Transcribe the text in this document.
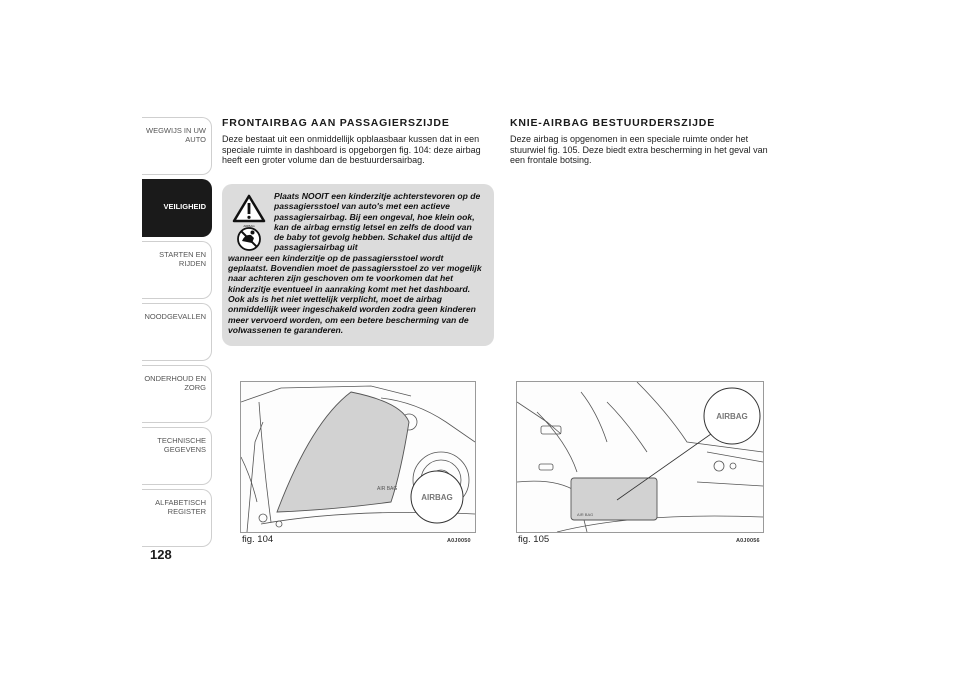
WEGWIJS IN UW AUTO
VEILIGHEID
STARTEN EN RIJDEN
NOODGEVALLEN
ONDERHOUD EN ZORG
TECHNISCHE GEGEVENS
ALFABETISCH REGISTER
128
FRONTAIRBAG AAN PASSAGIERSZIJDE

Deze bestaat uit een onmiddellijk opblaasbaar kussen dat in een speciale ruimte in dashboard is opgeborgen fig. 104: deze airbag heeft een groter volume dan de bestuurdersairbag.

AIRBAG
Plaats NOOIT een kinderzitje achterstevoren op de passagiersstoel van auto's met een actieve passagiersairbag. Bij een ongeval, hoe klein ook, kan de airbag ernstig letsel en zelfs de dood van de baby tot gevolg hebben. Schakel dus altijd de passagiersairbag uit
wanneer een kinderzitje op de passagiersstoel wordt geplaatst. Bovendien moet de passagiersstoel zo ver mogelijk naar achteren zijn geschoven om te voorkomen dat het kinderzitje eventueel in aanraking komt met het dashboard. Ook als is het niet wettelijk verplicht, moet de airbag onmiddellijk weer ingeschakeld worden zodra geen kinderen meer vervoerd worden, om een betere bescherming van de volwassenen te garanderen.
KNIE-AIRBAG BESTUURDERSZIJDE

Deze airbag is opgenomen in een speciale ruimte onder het stuurwiel fig. 105. Deze biedt extra bescherming in het geval van een frontale botsing.

AIR BAG
AIRBAG
fig. 104	A0J0050
AIR BAG
AIRBAG
fig. 105	A0J0056
